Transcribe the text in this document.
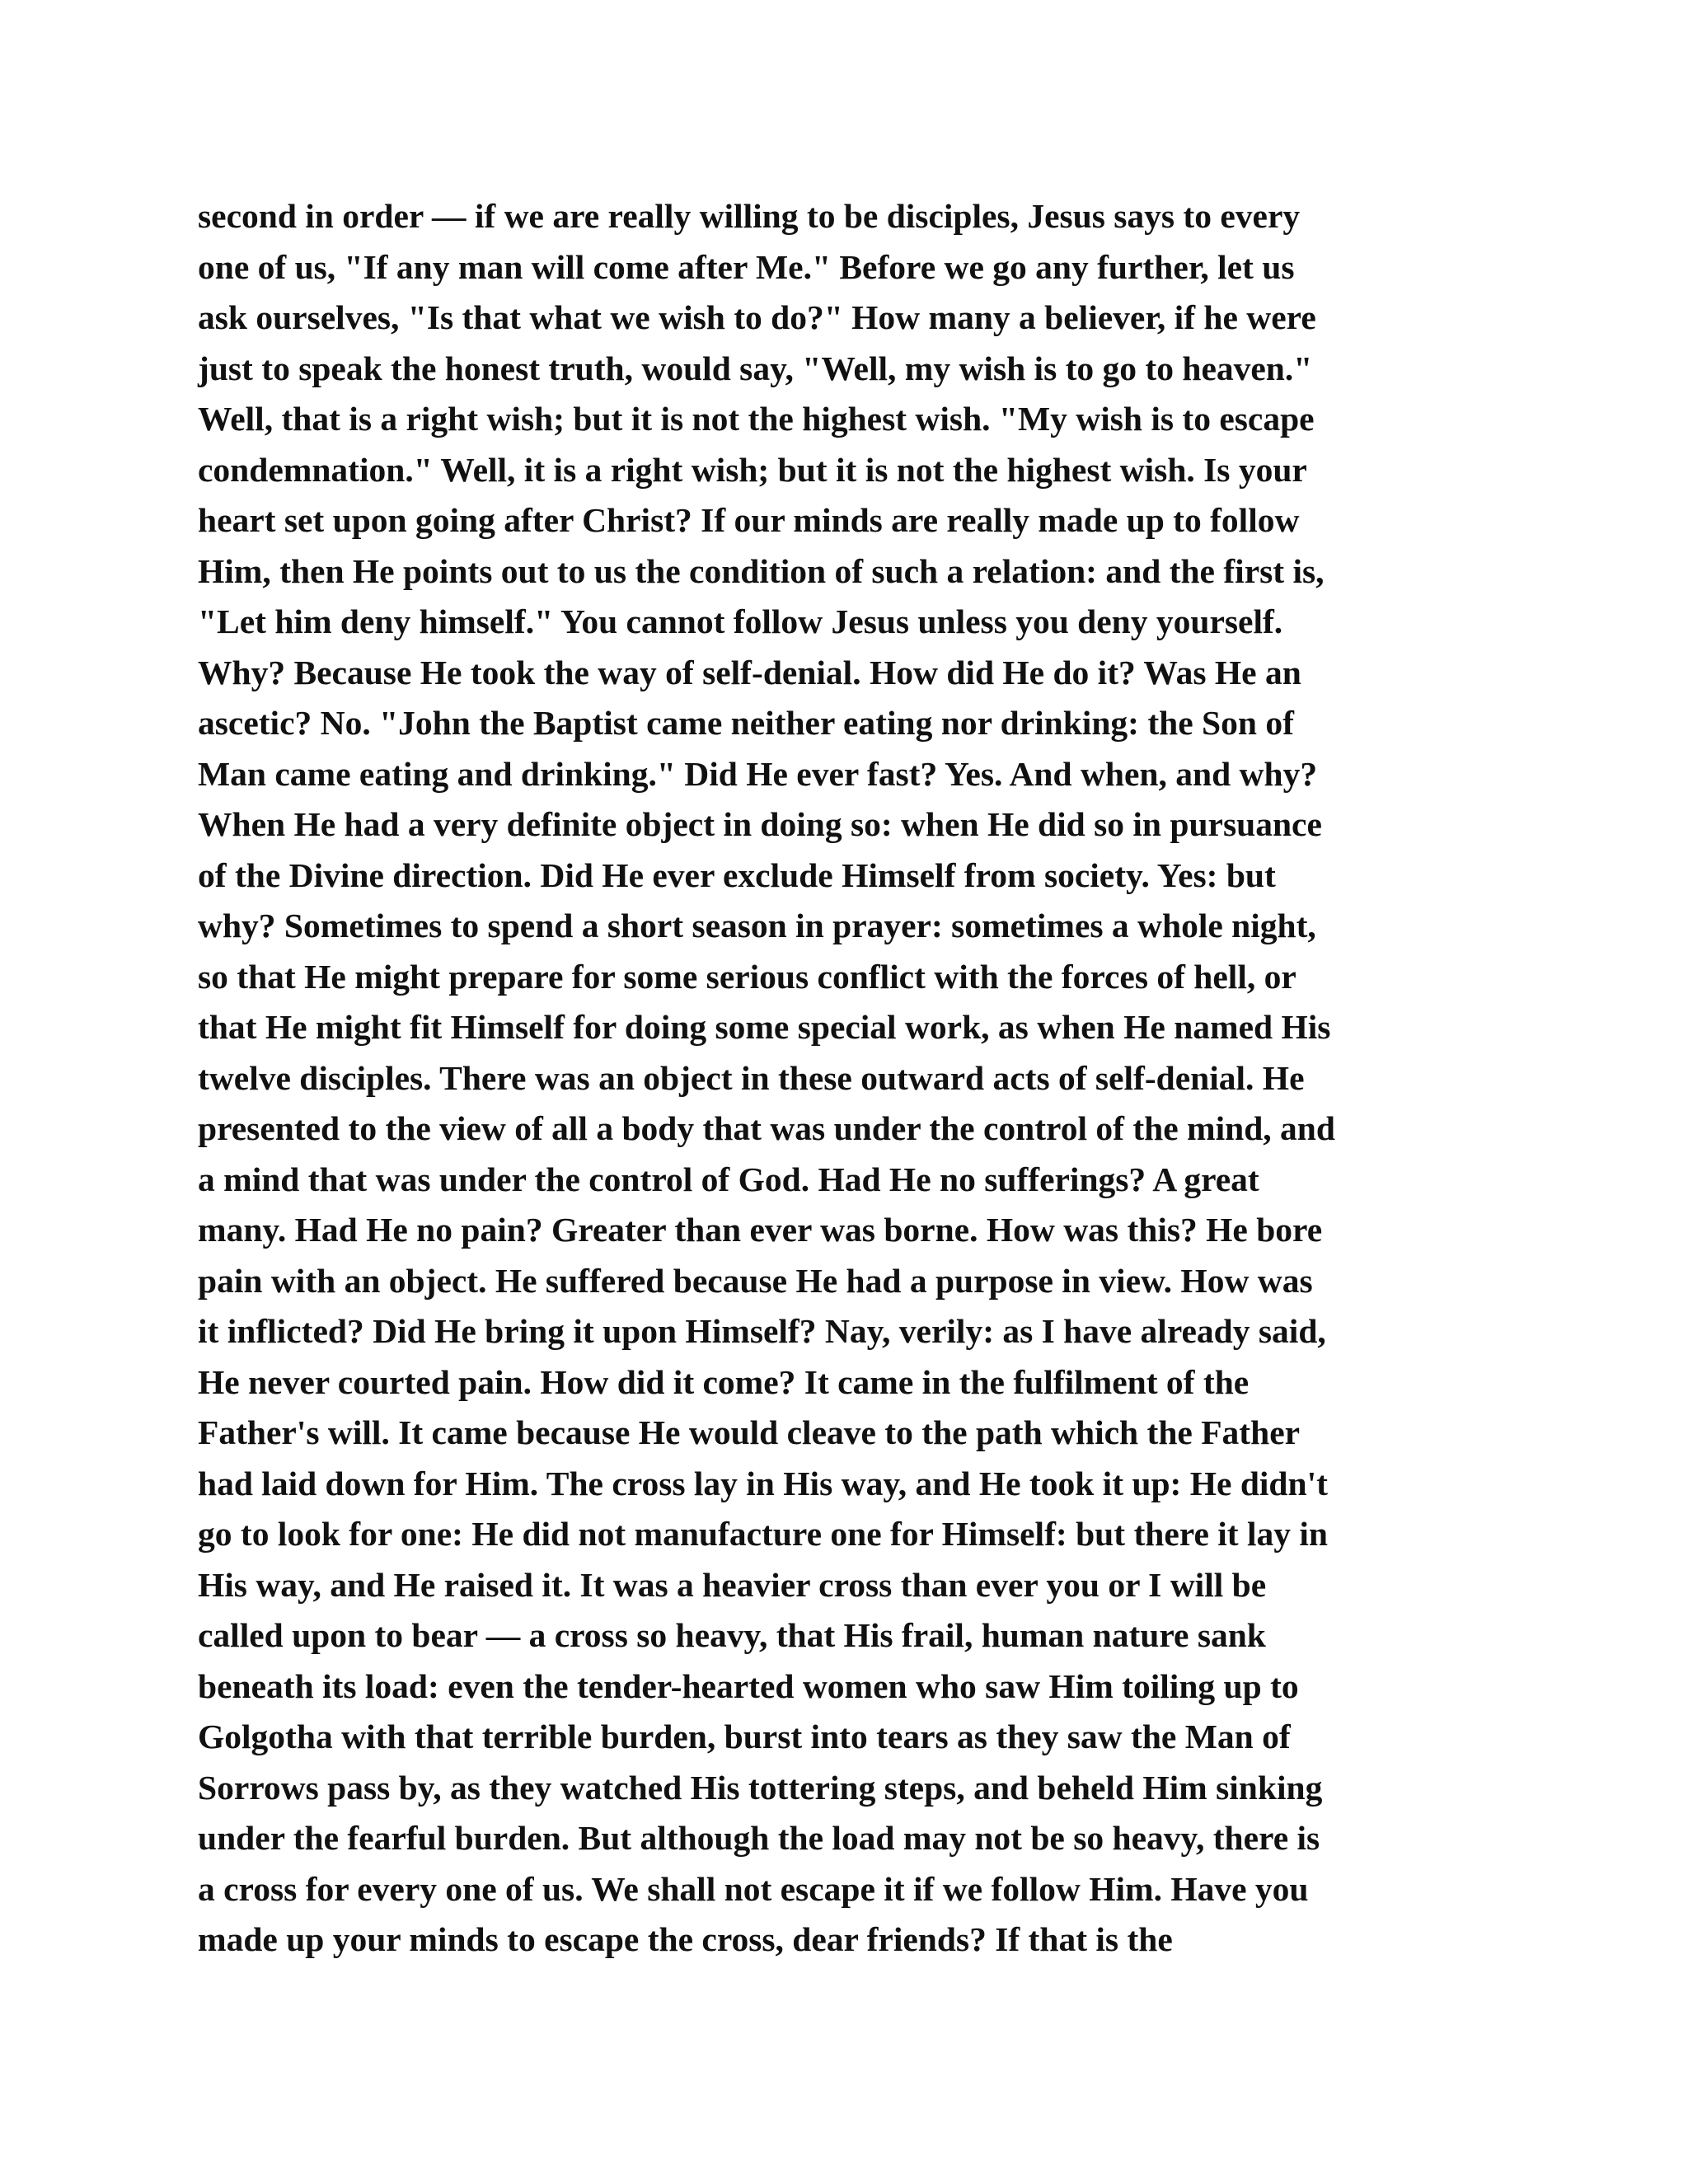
second in order — if we are really willing to be disciples, Jesus says to every
one of us, "If any man will come after Me." Before we go any further, let us
ask ourselves, "Is that what we wish to do?" How many a believer, if he were
just to speak the honest truth, would say, "Well, my wish is to go to heaven."
Well, that is a right wish; but it is not the highest wish. "My wish is to escape
condemnation." Well, it is a right wish; but it is not the highest wish. Is your
heart set upon going after Christ? If our minds are really made up to follow
Him, then He points out to us the condition of such a relation: and the first is,
"Let him deny himself." You cannot follow Jesus unless you deny yourself.
Why? Because He took the way of self-denial. How did He do it? Was He an
ascetic? No. "John the Baptist came neither eating nor drinking: the Son of
Man came eating and drinking." Did He ever fast? Yes. And when, and why?
When He had a very definite object in doing so: when He did so in pursuance
of the Divine direction. Did He ever exclude Himself from society. Yes: but
why? Sometimes to spend a short season in prayer: sometimes a whole night,
so that He might prepare for some serious conflict with the forces of hell, or
that He might fit Himself for doing some special work, as when He named His
twelve disciples. There was an object in these outward acts of self-denial. He
presented to the view of all a body that was under the control of the mind, and
a mind that was under the control of God. Had He no sufferings? A great
many. Had He no pain? Greater than ever was borne. How was this? He bore
pain with an object. He suffered because He had a purpose in view. How was
it inflicted? Did He bring it upon Himself? Nay, verily: as I have already said,
He never courted pain. How did it come? It came in the fulfilment of the
Father's will. It came because He would cleave to the path which the Father
had laid down for Him. The cross lay in His way, and He took it up: He didn't
go to look for one: He did not manufacture one for Himself: but there it lay in
His way, and He raised it. It was a heavier cross than ever you or I will be
called upon to bear — a cross so heavy, that His frail, human nature sank
beneath its load: even the tender-hearted women who saw Him toiling up to
Golgotha with that terrible burden, burst into tears as they saw the Man of
Sorrows pass by, as they watched His tottering steps, and beheld Him sinking
under the fearful burden. But although the load may not be so heavy, there is
a cross for every one of us. We shall not escape it if we follow Him. Have you
made up your minds to escape the cross, dear friends? If that is the
